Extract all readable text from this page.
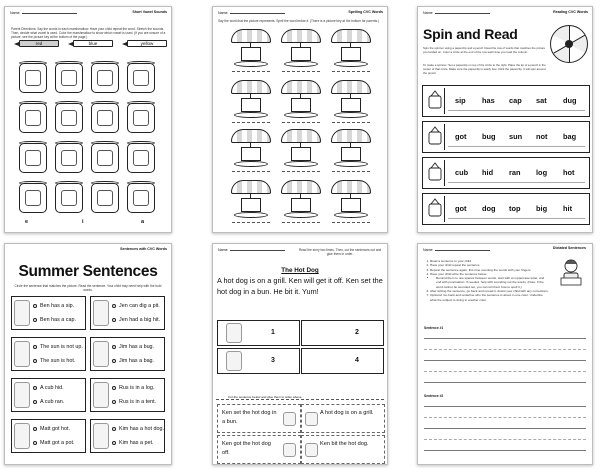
Name	Short Vowel Sounds
Parent Directions: Say the words in each marshmallow. Have your child repeat the word. Stretch the sounds. Then, decide what vowel is used. Color the marshmallow to show which vowel is used. (If you are unsure of a picture, see the picture key at the bottom of the page.)
red	blue	yellow
e	i	a
Name	Spelling CVC Words
Say the word that the picture represents. Spell the word below it. (There is a picture key at the bottom for parents.)
Name	Reading CVC Words
Spin and Read
Spin the spinner using a paperclip and a pencil. Read the row of words that matches the picture you landed on. Color a circle at the end of the row each time you read the column.
To make a spinner: Set a paperclip on top of the circle to the right. Place the tip of a pencil in the center of that circle. Make sure the paperclip is easily free. Flick the paperclip. It will spin around the pencil.
sip has cap sat dug
got bug sun not bag
cub hid ran log hot
got dog top big hit
Sentences with CVC Words
Summer Sentences
Circle the sentence that matches the picture. Read the sentence. Your child may need help with the bold words.
Ben has a sip.
Ben has a cap.
Jen can dig a pit.
Jen had a big hit.
The sun is not up.
The sun is hot.
Jim has a bug.
Jim has a bag.
A cub hid.
A cub ran.
Rus is in a log.
Rus is in a tent.
Matt got hot.
Matt got a pot.
Kim has a hot dog.
Kim has a pet.
Name	Read the story two times. Then, cut the sentences out and glue them in order.
The Hot Dog
A hot dog is on a grill. Ken will get it off. Ken set the hot dog in a bun. He bit it. Yum!
1	2
3	4
Cut the sentence below and glue them in order above.
Ken set the hot dog in a bun.
A hot dog is on a grill.
Ken got the hot dog off.
Ken bit the hot dog.
Name	Dictated Sentences
1. Read a sentence to your child.
2. Have your child repeat the sentence.
3. Repeat the sentence again, this time counting the words with your fingers.
4. Have your child write the sentence below.
• Remind them to use spaces between words, start with an uppercase letter, and end with punctuation. If needed, help with sounding out the words. (Note: If the word cannot be sounded out, you can tell them how to spell it.)
6. After writing the sentence, go back and reread it. Assist your child with any corrections.
7. Optional: Go back and underline who the sentence is about in one color. Underline what the subject is doing in another color.
Sentence #1
Sentence #2
